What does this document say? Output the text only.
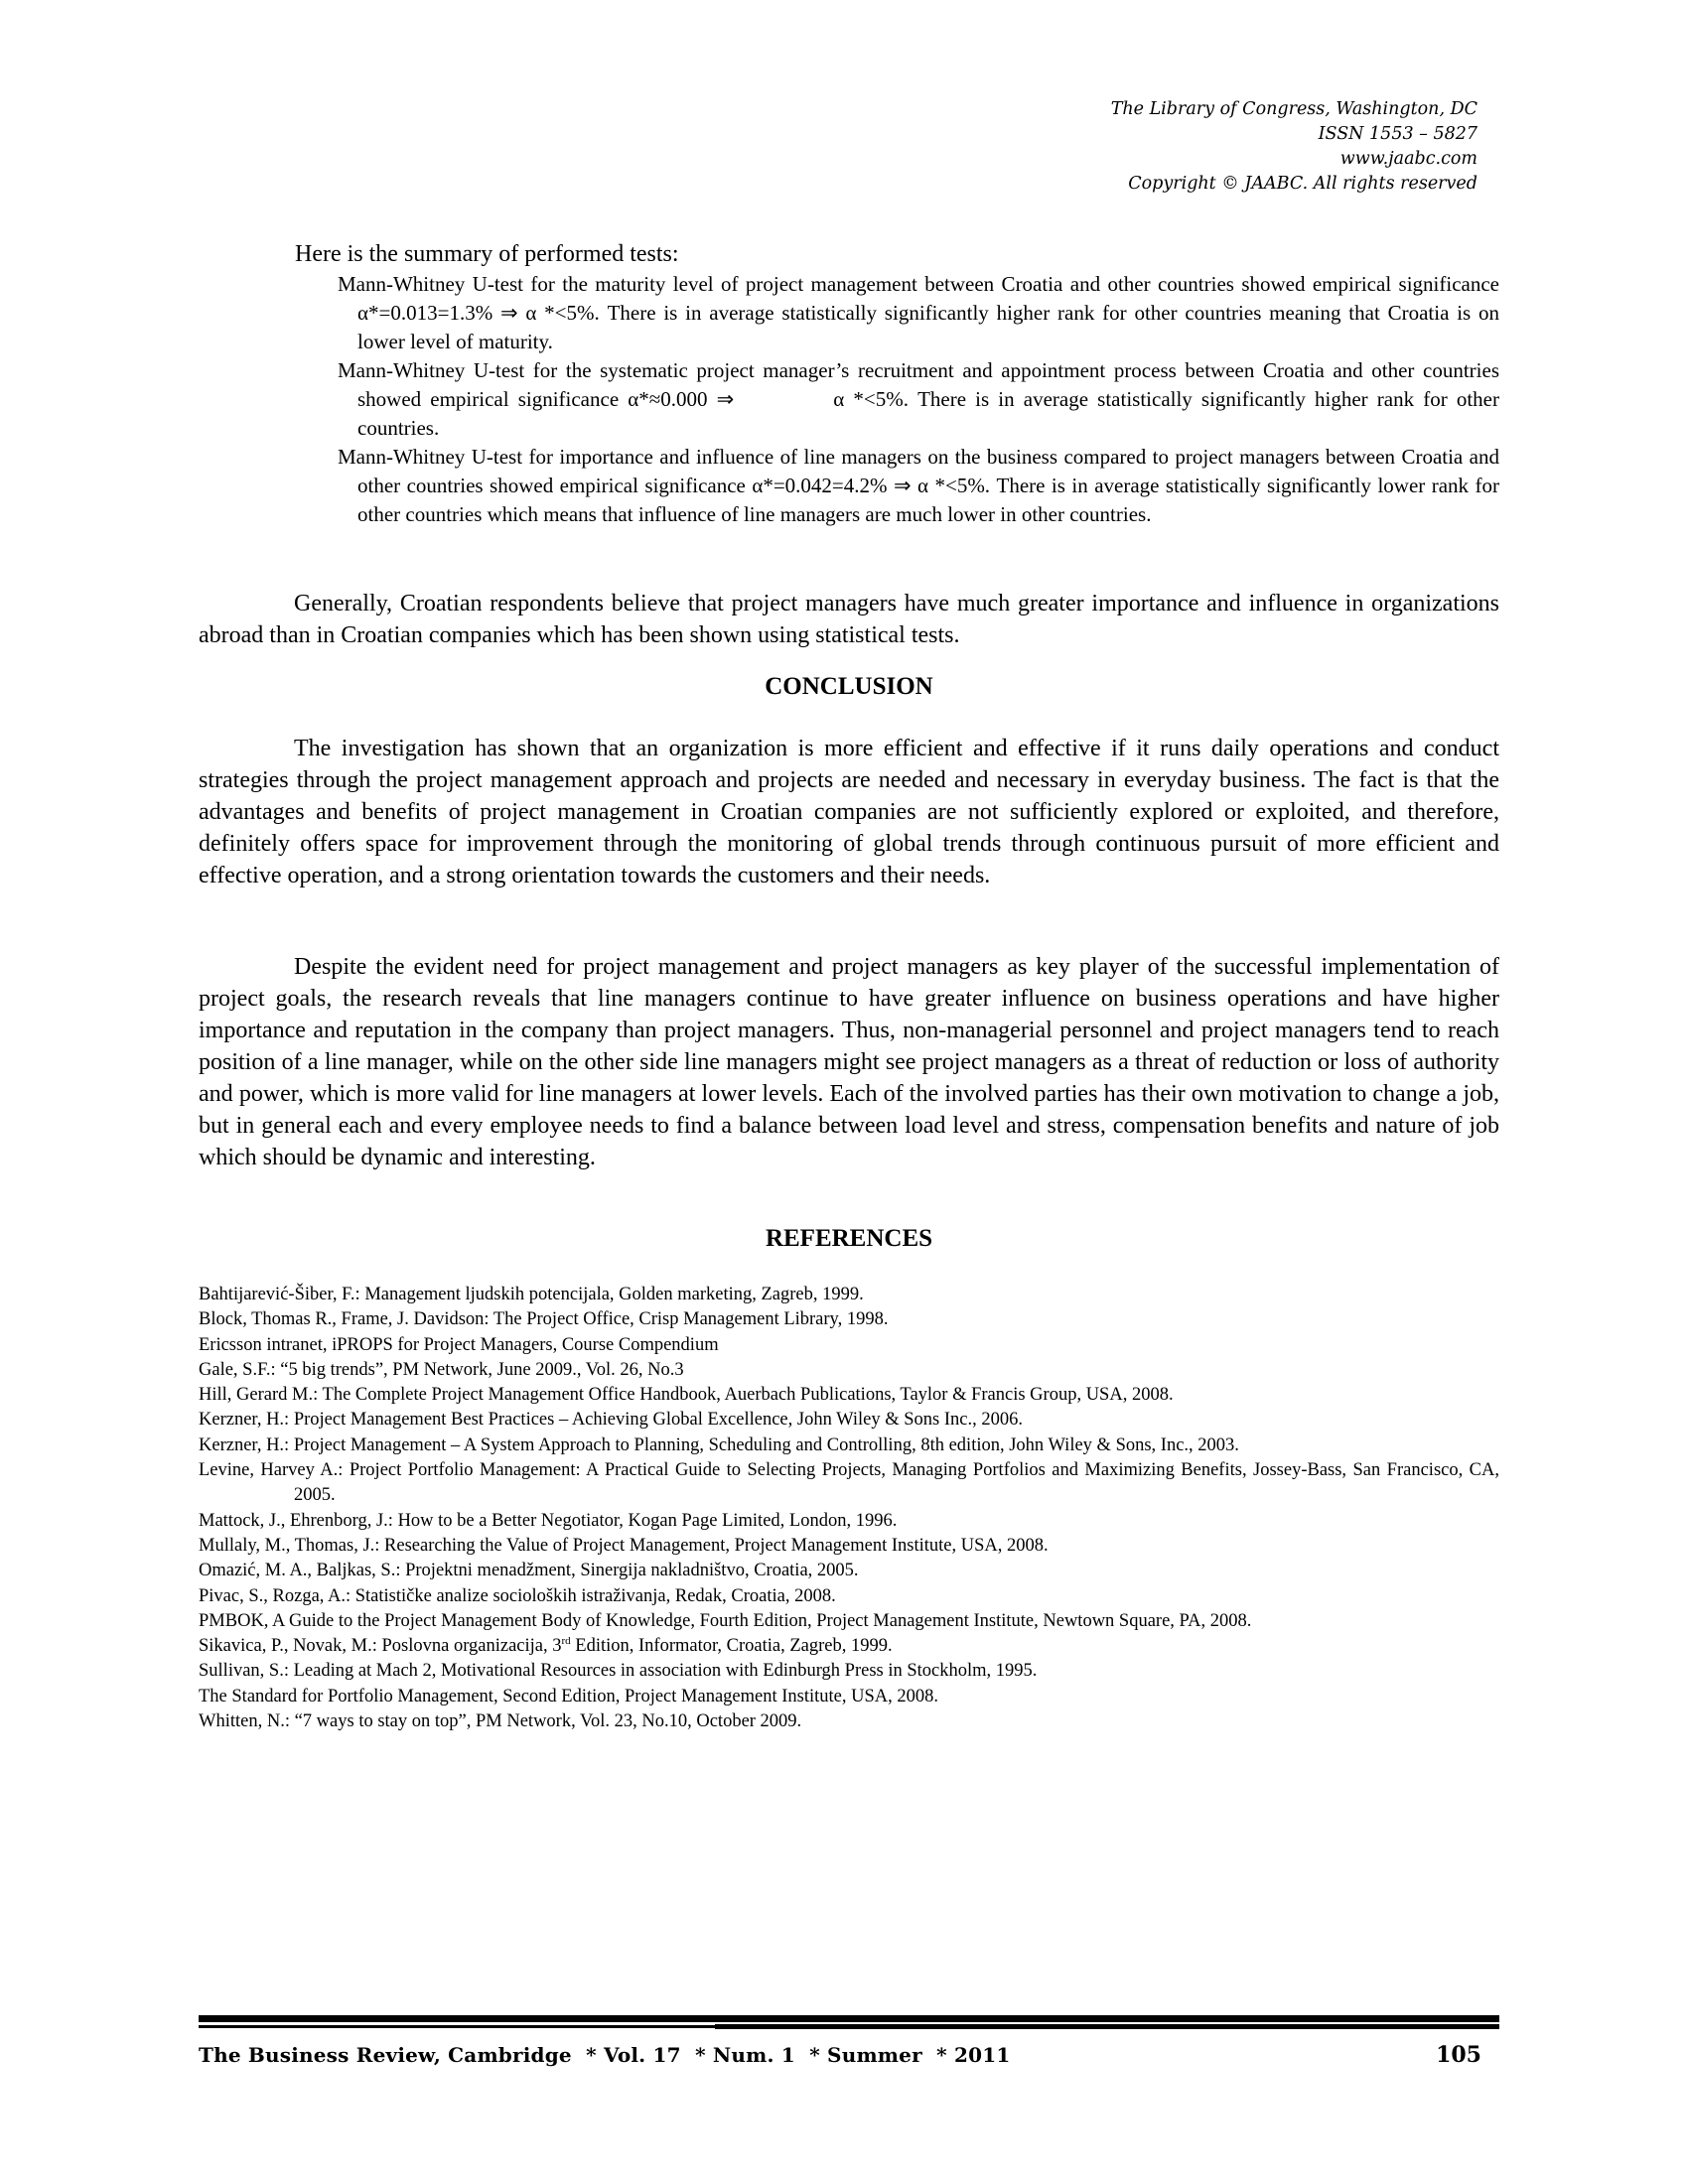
The Library of Congress, Washington, DC
ISSN 1553 – 5827
www.jaabc.com
Copyright © JAABC. All rights reserved
Here is the summary of performed tests:

Mann-Whitney U-test for the maturity level of project management between Croatia and other countries showed empirical significance α*=0.013=1.3% ⇒ α *<5%. There is in average statistically significantly higher rank for other countries meaning that Croatia is on lower level of maturity.

Mann-Whitney U-test for the systematic project manager’s recruitment and appointment process between Croatia and other countries showed empirical significance α*≈0.000 ⇒	α *<5%. There is in average statistically significantly higher rank for other countries.

Mann-Whitney U-test for importance and influence of line managers on the business compared to project managers between Croatia and other countries showed empirical significance α*=0.042=4.2% ⇒ α *<5%. There is in average statistically significantly lower rank for other countries which means that influence of line managers are much lower in other countries.

Generally, Croatian respondents believe that project managers have much greater importance and influence in organizations abroad than in Croatian companies which has been shown using statistical tests.

CONCLUSION

The investigation has shown that an organization is more efficient and effective if it runs daily operations and conduct strategies through the project management approach and projects are needed and necessary in everyday business. The fact is that the advantages and benefits of project management in Croatian companies are not sufficiently explored or exploited, and therefore, definitely offers space for improvement through the monitoring of global trends through continuous pursuit of more efficient and effective operation, and a strong orientation towards the customers and their needs.

Despite the evident need for project management and project managers as key player of the successful implementation of project goals, the research reveals that line managers continue to have greater influence on business operations and have higher importance and reputation in the company than project managers. Thus, non-managerial personnel and project managers tend to reach position of a line manager, while on the other side line managers might see project managers as a threat of reduction or loss of authority and power, which is more valid for line managers at lower levels. Each of the involved parties has their own motivation to change a job, but in general each and every employee needs to find a balance between load level and stress, compensation benefits and nature of job which should be dynamic and interesting.

REFERENCES

Bahtijarević-Šiber, F.: Management ljudskih potencijala, Golden marketing, Zagreb, 1999.

Block, Thomas R., Frame, J. Davidson: The Project Office, Crisp Management Library, 1998.

Ericsson intranet, iPROPS for Project Managers, Course Compendium

Gale, S.F.: “5 big trends”, PM Network, June 2009., Vol. 26, No.3

Hill, Gerard M.: The Complete Project Management Office Handbook, Auerbach Publications, Taylor & Francis Group, USA, 2008.

Kerzner, H.: Project Management Best Practices – Achieving Global Excellence, John Wiley & Sons Inc., 2006.

Kerzner, H.: Project Management – A System Approach to Planning, Scheduling and Controlling, 8th edition, John Wiley & Sons, Inc., 2003.

Levine, Harvey A.: Project Portfolio Management: A Practical Guide to Selecting Projects, Managing Portfolios and Maximizing Benefits, Jossey-Bass, San Francisco, CA, 2005.

Mattock, J., Ehrenborg, J.: How to be a Better Negotiator, Kogan Page Limited, London, 1996.

Mullaly, M., Thomas, J.: Researching the Value of Project Management, Project Management Institute, USA, 2008.

Omazić, M. A., Baljkas, S.: Projektni menadžment, Sinergija nakladništvo, Croatia, 2005.

Pivac, S., Rozga, A.: Statističke analize socioloških istraživanja, Redak, Croatia, 2008.

PMBOK, A Guide to the Project Management Body of Knowledge, Fourth Edition, Project Management Institute, Newtown Square, PA, 2008.

Sikavica, P., Novak, M.: Poslovna organizacija, 3rd Edition, Informator, Croatia, Zagreb, 1999.

Sullivan, S.: Leading at Mach 2, Motivational Resources in association with Edinburgh Press in Stockholm, 1995.

The Standard for Portfolio Management, Second Edition, Project Management Institute, USA, 2008.

Whitten, N.: “7 ways to stay on top”, PM Network, Vol. 23, No.10, October 2009.

The Business Review, Cambridge  * Vol. 17  * Num. 1  * Summer  * 2011	105
